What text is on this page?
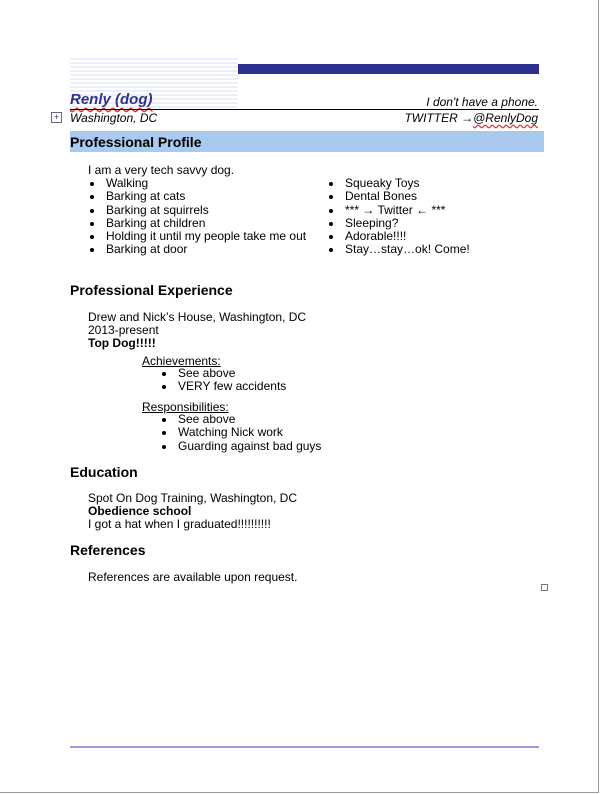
Renly (dog)	I don't have a phone.
+ Washington, DC	TWITTER →@RenlyDog
Professional Profile
I am a very tech savvy dog.
Walking
Barking at cats
Barking at squirrels
Barking at children
Holding it until my people take me out
Barking at door
Squeaky Toys
Dental Bones
*** → Twitter ← ***
Sleeping?
Adorable!!!!
Stay…stay…ok! Come!
Professional Experience
Drew and Nick’s House, Washington, DC
2013-present
Top Dog!!!!!
Achievements:
See above
VERY few accidents
Responsibilities:
See above
Watching Nick work
Guarding against bad guys
Education
Spot On Dog Training, Washington, DC
Obedience school
I got a hat when I graduated!!!!!!!!!!
References
References are available upon request.
